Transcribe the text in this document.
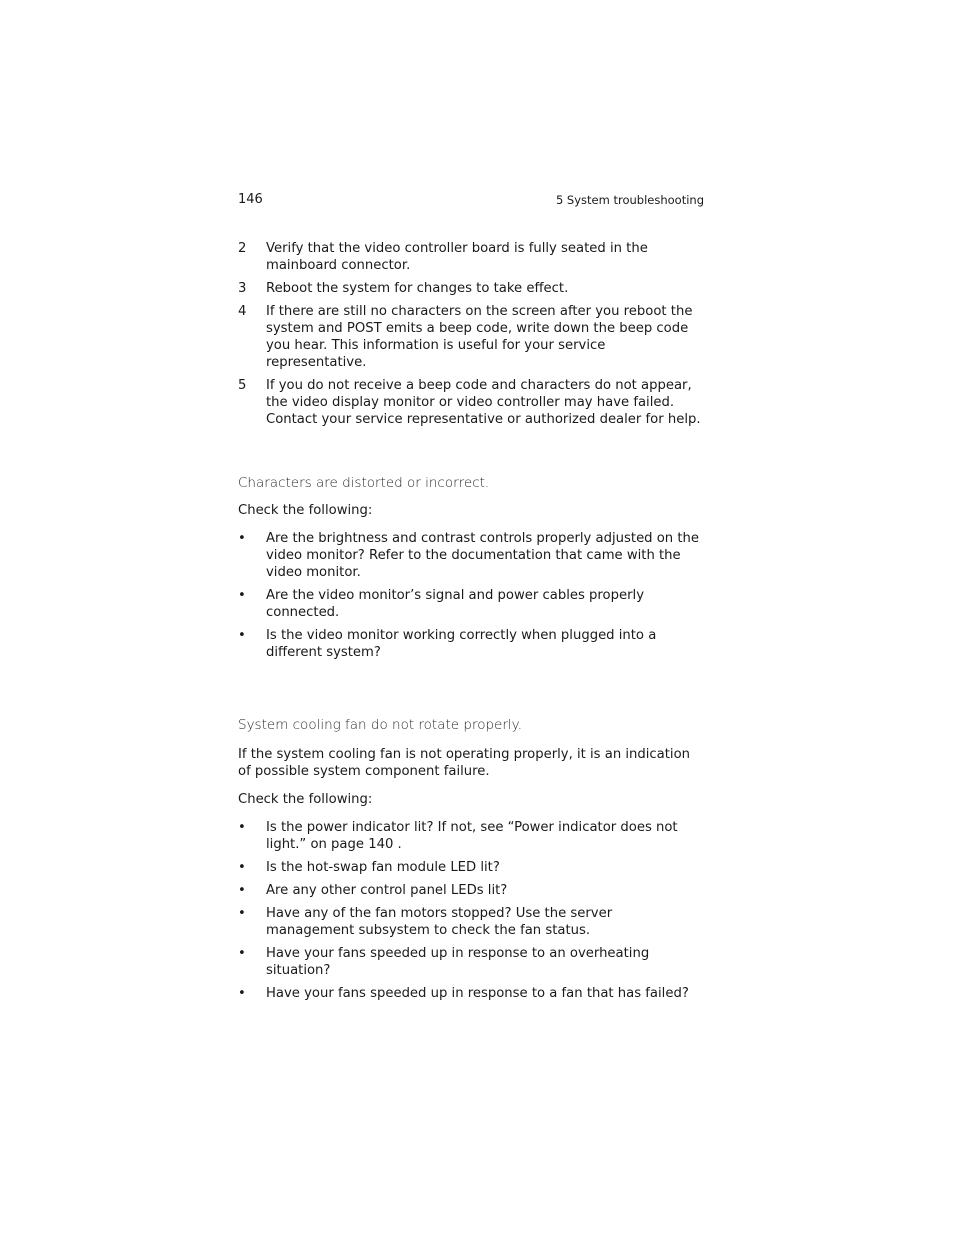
146	5 System troubleshooting
2 Verify that the video controller board is fully seated in the mainboard connector.
3 Reboot the system for changes to take effect.
4 If there are still no characters on the screen after you reboot the system and POST emits a beep code, write down the beep code you hear. This information is useful for your service representative.
5 If you do not receive a beep code and characters do not appear, the video display monitor or video controller may have failed. Contact your service representative or authorized dealer for help.
Characters are distorted or incorrect.
Check the following:
• Are the brightness and contrast controls properly adjusted on the video monitor? Refer to the documentation that came with the video monitor.
• Are the video monitor’s signal and power cables properly connected.
• Is the video monitor working correctly when plugged into a different system?
System cooling fan do not rotate properly.
If the system cooling fan is not operating properly, it is an indication of possible system component failure.
Check the following:
• Is the power indicator lit? If not, see “Power indicator does not light.” on page 140 .
• Is the hot-swap fan module LED lit?
• Are any other control panel LEDs lit?
• Have any of the fan motors stopped? Use the server management subsystem to check the fan status.
• Have your fans speeded up in response to an overheating situation?
• Have your fans speeded up in response to a fan that has failed?
